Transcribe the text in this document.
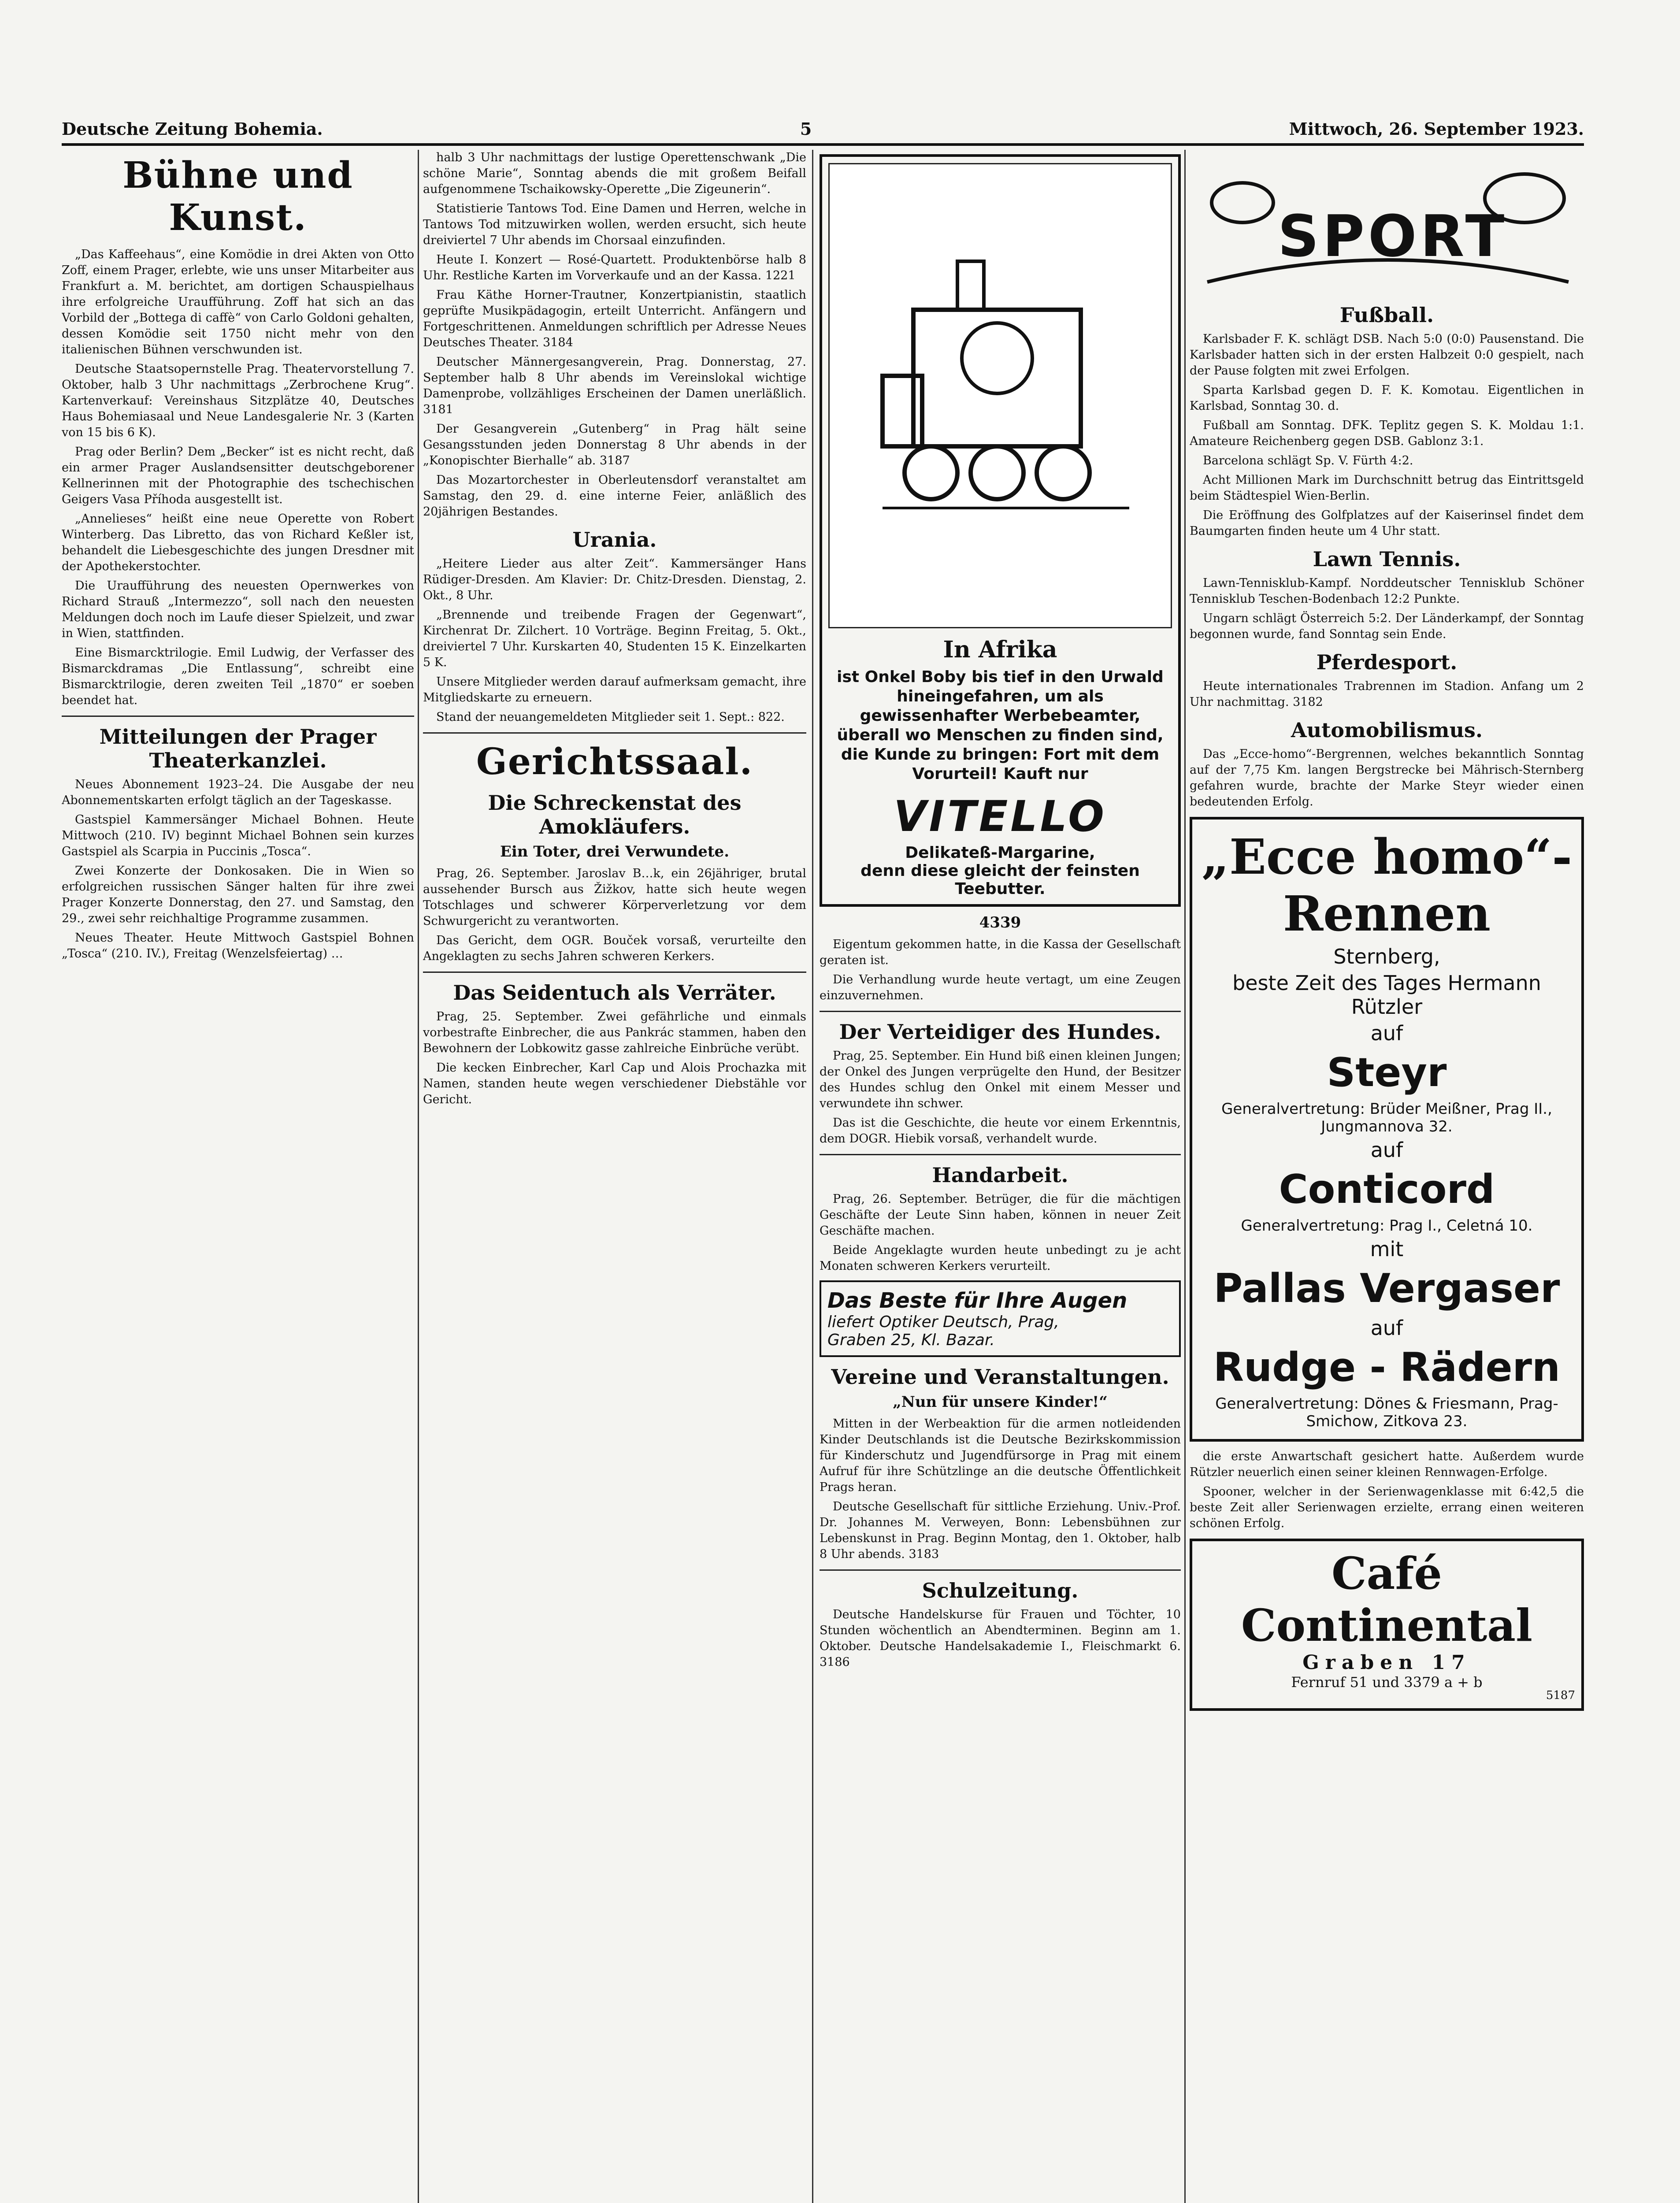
Deutsche Zeitung Bohemia.	5	Mittwoch, 26. September 1923.
Bühne und Kunst.

„Das Kaffeehaus“, eine Komödie in drei Akten von Otto Zoff, einem Prager, erlebte, wie uns unser Mitarbeiter aus Frankfurt a. M. berichtet, am dortigen Schauspielhaus ihre erfolgreiche Uraufführung. Zoff hat sich an das Vorbild der „Bottega di caffè“ von Carlo Goldoni gehalten, dessen Komödie seit 1750 nicht mehr von den italienischen Bühnen verschwunden ist.

Deutsche Staatsopernstelle Prag. Theatervorstellung 7. Oktober, halb 3 Uhr nachmittags „Zerbrochene Krug“. Kartenverkauf: Vereinshaus Sitzplätze 40, Deutsches Haus Bohemiasaal und Neue Landesgalerie Nr. 3 (Karten von 15 bis 6 K).

Prag oder Berlin? Dem „Becker“ ist es nicht recht, daß ein armer Prager Auslandsensitter deutschgeborener Kellnerinnen mit der Photographie des tschechischen Geigers Vasa Příhoda ausgestellt ist.

„Annelieses“ heißt eine neue Operette von Robert Winterberg. Das Libretto, das von Richard Keßler ist, behandelt die Liebesgeschichte des jungen Dresdner mit der Apothekerstochter.

Die Uraufführung des neuesten Opernwerkes von Richard Strauß „Intermezzo“, soll nach den neuesten Meldungen doch noch im Laufe dieser Spielzeit, und zwar in Wien, stattfinden.

Eine Bismarcktrilogie. Emil Ludwig, der Verfasser des Bismarckdramas „Die Entlassung“, schreibt eine Bismarcktrilogie, deren zweiten Teil „1870“ er soeben beendet hat.

Mitteilungen der Prager Theaterkanzlei.

Neues Abonnement 1923–24. Die Ausgabe der neu Abonnementskarten erfolgt täglich an der Tageskasse.

Gastspiel Kammersänger Michael Bohnen. Heute Mittwoch (210. IV) beginnt Michael Bohnen sein kurzes Gastspiel als Scarpia in Puccinis „Tosca“.

Zwei Konzerte der Donkosaken. Die in Wien so erfolgreichen russischen Sänger halten für ihre zwei Prager Konzerte Donnerstag, den 27. und Samstag, den 29., zwei sehr reichhaltige Programme zusammen.

Neues Theater. Heute Mittwoch Gastspiel Bohnen „Tosca“ (210. IV.), Freitag (Wenzelsfeiertag) …

halb 3 Uhr nachmittags der lustige Operettenschwank „Die schöne Marie“, Sonntag abends die mit großem Beifall aufgenommene Tschaikowsky-Operette „Die Zigeunerin“.

Statistierie Tantows Tod. Eine Damen und Herren, welche in Tantows Tod mitzuwirken wollen, werden ersucht, sich heute dreiviertel 7 Uhr abends im Chorsaal einzufinden.

Heute I. Konzert — Rosé-Quartett. Produktenbörse halb 8 Uhr. Restliche Karten im Vorverkaufe und an der Kassa. 1221

Frau Käthe Horner-Trautner, Konzertpianistin, staatlich geprüfte Musikpädagogin, erteilt Unterricht. Anfängern und Fortgeschrittenen. Anmeldungen schriftlich per Adresse Neues Deutsches Theater. 3184

Deutscher Männergesangverein, Prag. Donnerstag, 27. September halb 8 Uhr abends im Vereinslokal wichtige Damenprobe, vollzähliges Erscheinen der Damen unerläßlich. 3181

Der Gesangverein „Gutenberg“ in Prag hält seine Gesangsstunden jeden Donnerstag 8 Uhr abends in der „Konopischter Bierhalle“ ab. 3187

Das Mozartorchester in Oberleutensdorf veranstaltet am Samstag, den 29. d. eine interne Feier, anläßlich des 20jährigen Bestandes.

Urania.

„Heitere Lieder aus alter Zeit“. Kammersänger Hans Rüdiger-Dresden. Am Klavier: Dr. Chitz-Dresden. Dienstag, 2. Okt., 8 Uhr.

„Brennende und treibende Fragen der Gegenwart“, Kirchenrat Dr. Zilchert. 10 Vorträge. Beginn Freitag, 5. Okt., dreiviertel 7 Uhr. Kurskarten 40, Studenten 15 K. Einzelkarten 5 K.

Unsere Mitglieder werden darauf aufmerksam gemacht, ihre Mitgliedskarte zu erneuern.

Stand der neuangemeldeten Mitglieder seit 1. Sept.: 822.

Gerichtssaal.
Die Schreckenstat des Amokläufers.
Ein Toter, drei Verwundete.

Prag, 26. September. Jaroslav B…k, ein 26jähriger, brutal aussehender Bursch aus Žižkov, hatte sich heute wegen Totschlages und schwerer Körperverletzung vor dem Schwurgericht zu verantworten.

Das Gericht, dem OGR. Bouček vorsaß, verurteilte den Angeklagten zu sechs Jahren schweren Kerkers.

Das Seidentuch als Verräter.

Prag, 25. September. Zwei gefährliche und einmals vorbestrafte Einbrecher, die aus Pankrác stammen, haben den Bewohnern der Lobkowitz gasse zahlreiche Einbrüche verübt.

Die kecken Einbrecher, Karl Cap und Alois Prochazka mit Namen, standen heute wegen verschiedener Diebstähle vor Gericht.

In Afrika
ist Onkel Boby bis tief in den Urwald hineingefahren, um als gewissenhafter Werbebeamter, überall wo Menschen zu finden sind, die Kunde zu bringen: Fort mit dem Vorurteil! Kauft nur
VITELLO
Delikateß-Margarine,
denn diese gleicht der feinsten Teebutter.
4339

Eigentum gekommen hatte, in die Kassa der Gesellschaft geraten ist.

Die Verhandlung wurde heute vertagt, um eine Zeugen einzuvernehmen.

Der Verteidiger des Hundes.

Prag, 25. September. Ein Hund biß einen kleinen Jungen; der Onkel des Jungen verprügelte den Hund, der Besitzer des Hundes schlug den Onkel mit einem Messer und verwundete ihn schwer.

Das ist die Geschichte, die heute vor einem Erkenntnis, dem DOGR. Hiebik vorsaß, verhandelt wurde.

Handarbeit.

Prag, 26. September. Betrüger, die für die mächtigen Geschäfte der Leute Sinn haben, können in neuer Zeit Geschäfte machen.

Beide Angeklagte wurden heute unbedingt zu je acht Monaten schweren Kerkers verurteilt.

Das Beste für Ihre Augen
liefert Optiker Deutsch, Prag,
Graben 25, Kl. Bazar.
Vereine und Veranstaltungen.
„Nun für unsere Kinder!“

Mitten in der Werbeaktion für die armen notleidenden Kinder Deutschlands ist die Deutsche Bezirkskommission für Kinderschutz und Jugendfürsorge in Prag mit einem Aufruf für ihre Schützlinge an die deutsche Öffentlichkeit Prags heran.

Deutsche Gesellschaft für sittliche Erziehung. Univ.-Prof. Dr. Johannes M. Verweyen, Bonn: Lebensbühnen zur Lebenskunst in Prag. Beginn Montag, den 1. Oktober, halb 8 Uhr abends. 3183

Schulzeitung.

Deutsche Handelskurse für Frauen und Töchter, 10 Stunden wöchentlich an Abendterminen. Beginn am 1. Oktober. Deutsche Handelsakademie I., Fleischmarkt 6. 3186

SPORT
Fußball.

Karlsbader F. K. schlägt DSB. Nach 5:0 (0:0) Pausenstand. Die Karlsbader hatten sich in der ersten Halbzeit 0:0 gespielt, nach der Pause folgten mit zwei Erfolgen.

Sparta Karlsbad gegen D. F. K. Komotau. Eigentlichen in Karlsbad, Sonntag 30. d.

Fußball am Sonntag. DFK. Teplitz gegen S. K. Moldau 1:1. Amateure Reichenberg gegen DSB. Gablonz 3:1.

Barcelona schlägt Sp. V. Fürth 4:2.

Acht Millionen Mark im Durchschnitt betrug das Eintrittsgeld beim Städtespiel Wien-Berlin.

Die Eröffnung des Golfplatzes auf der Kaiserinsel findet dem Baumgarten finden heute um 4 Uhr statt.

Lawn Tennis.

Lawn-Tennisklub-Kampf. Norddeutscher Tennisklub Schöner Tennisklub Teschen-Bodenbach 12:2 Punkte.

Ungarn schlägt Österreich 5:2. Der Länderkampf, der Sonntag begonnen wurde, fand Sonntag sein Ende.

Pferdesport.

Heute internationales Trabrennen im Stadion. Anfang um 2 Uhr nachmittag. 3182

Automobilismus.

Das „Ecce-homo“-Bergrennen, welches bekanntlich Sonntag auf der 7,75 Km. langen Bergstrecke bei Mährisch-Sternberg gefahren wurde, brachte der Marke Steyr wieder einen bedeutenden Erfolg.

„Ecce homo“-Rennen
Sternberg,
beste Zeit des Tages Hermann Rützler
auf
Steyr
Generalvertretung: Brüder Meißner, Prag II., Jungmannova 32.
auf
Conticord
Generalvertretung: Prag I., Celetná 10.
mit
Pallas Vergaser
auf
Rudge - Rädern
Generalvertretung: Dönes & Friesmann, Prag-Smichow, Zitkova 23.

die erste Anwartschaft gesichert hatte. Außerdem wurde Rützler neuerlich einen seiner kleinen Rennwagen-Erfolge.

Spooner, welcher in der Serienwagenklasse mit 6:42,5 die beste Zeit aller Serienwagen erzielte, errang einen weiteren schönen Erfolg.

Café Continental
Graben 17
Fernruf 51 und 3379 a + b
5187
